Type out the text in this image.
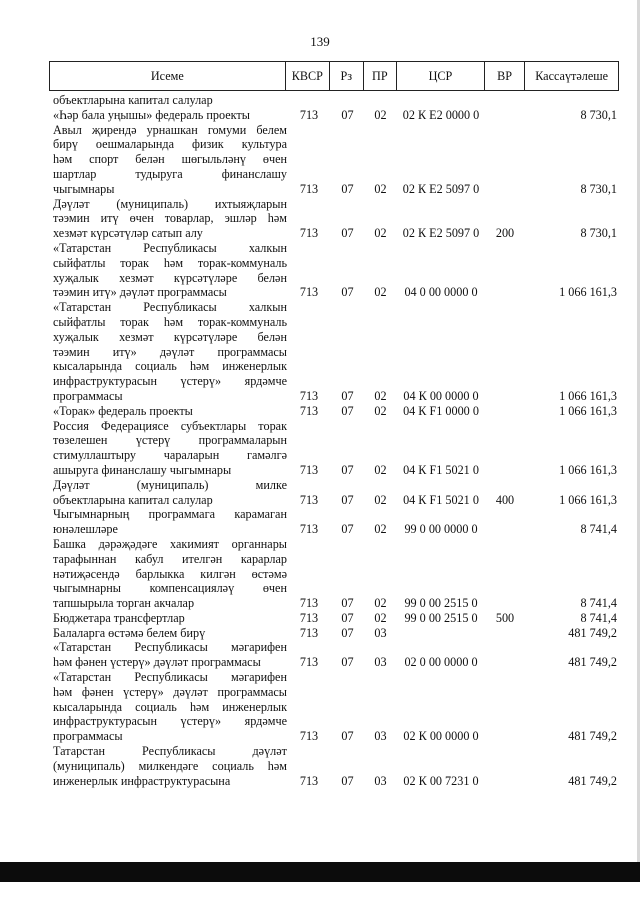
139
Исеме	КВСР	Рз	ПР	ЦСР	ВР	Касса үтәлеше
объектларына капитал салулар
«Һәр бала уңышы» федераль проекты	713	07	02	02 К Е2 0000 0	8 730,1
Авыл җирендә урнашкан гомуми белем
бирү оешмаларында физик культура
һәм спорт белән шөгыльләнү өчен
шартлар тудыруга финанслашу
чыгымнары	713	07	02	02 К Е2 5097 0	8 730,1
Дәүләт (муниципаль) ихтыяҗларын
тәэмин итү өчен товарлар, эшләр һәм
хезмәт күрсәтүләр сатып алу	713	07	02	02 К Е2 5097 0	200	8 730,1
«Татарстан Республикасы халкын
сыйфатлы торак һәм торак-коммуналь
хуҗалык хезмәт күрсәтүләре белән
тәэмин итү» дәүләт программасы	713	07	02	04 0 00 0000 0	1 066 161,3
«Татарстан Республикасы халкын
сыйфатлы торак һәм торак-коммуналь
хуҗалык хезмәт күрсәтүләре белән
тәэмин итү» дәүләт программасы
кысаларында социаль һәм инженерлык
инфраструктурасын үстерү» ярдәмче
программасы	713	07	02	04 К 00 0000 0	1 066 161,3
«Торак» федераль проекты	713	07	02	04 К F1 0000 0	1 066 161,3
Россия Федерациясе субъектлары торак
төзелешен үстерү программаларын
стимуллаштыру чараларын гамәлгә
ашыруга финанслашу чыгымнары	713	07	02	04 К F1 5021 0	1 066 161,3
Дәүләт (муниципаль) милке
объектларына капитал салулар	713	07	02	04 К F1 5021 0	400	1 066 161,3
Чыгымнарның программага карамаган
юнәлешләре	713	07	02	99 0 00 0000 0	8 741,4
Башка дәрәҗәдәге хакимият органнары
тарафыннан кабул ителгән карарлар
нәтиҗәсендә барлыкка килгән өстәмә
чыгымнарны компенсацияләү өчен
тапшырыла торган акчалар	713	07	02	99 0 00 2515 0	8 741,4
Бюджетара трансфертлар	713	07	02	99 0 00 2515 0	500	8 741,4
Балаларга өстәмә белем бирү	713	07	03	481 749,2
«Татарстан Республикасы мәгарифен
һәм фәнен үстерү» дәүләт программасы	713	07	03	02 0 00 0000 0	481 749,2
«Татарстан Республикасы мәгарифен
һәм фәнен үстерү» дәүләт программасы
кысаларында социаль һәм инженерлык
инфраструктурасын үстерү» ярдәмче
программасы	713	07	03	02 К 00 0000 0	481 749,2
Татарстан Республикасы дәүләт
(муниципаль) милкендәге социаль һәм
инженерлык инфраструктурасына	713	07	03	02 К 00 7231 0	481 749,2
